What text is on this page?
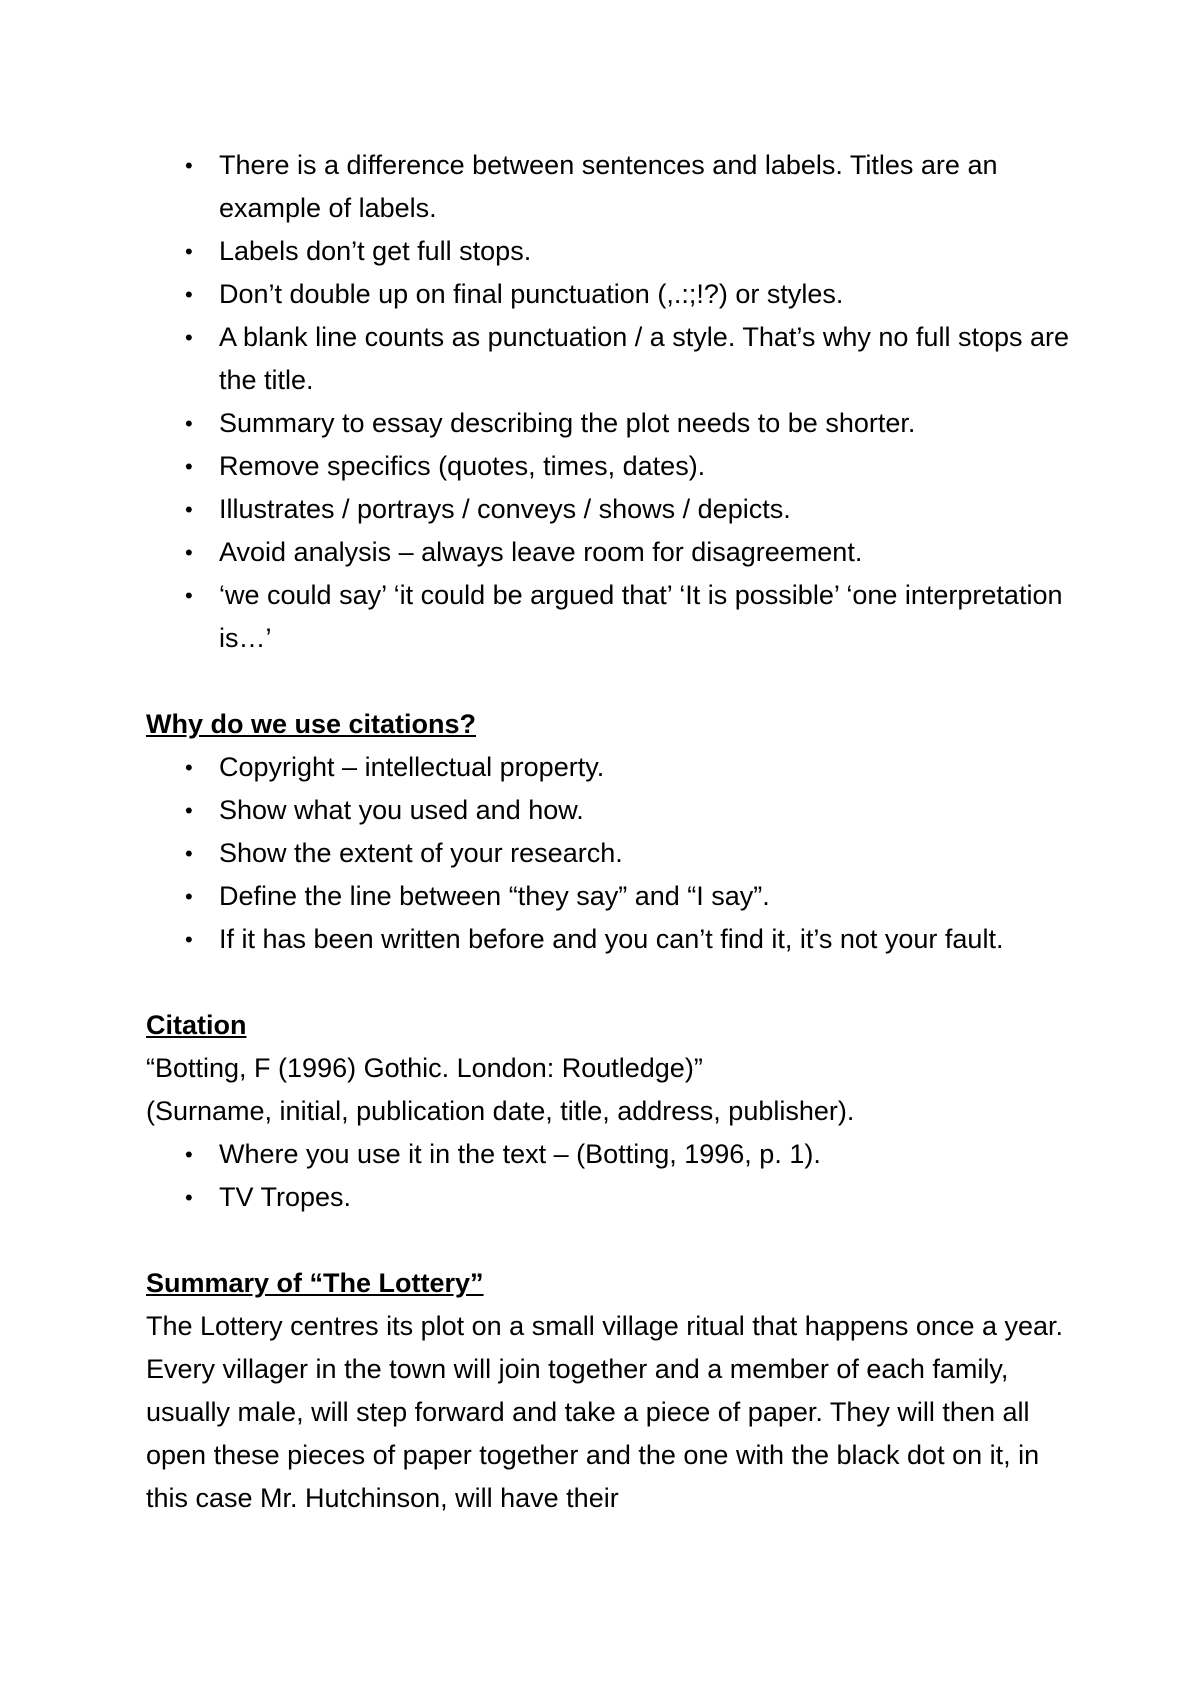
• There is a difference between sentences and labels. Titles are an example of labels.
• Labels don’t get full stops.
• Don’t double up on final punctuation (,.:;!?) or styles.
• A blank line counts as punctuation / a style. That’s why no full stops are the title.
• Summary to essay describing the plot needs to be shorter.
• Remove specifics (quotes, times, dates).
• Illustrates / portrays / conveys / shows / depicts.
• Avoid analysis – always leave room for disagreement.
• ‘we could say’ ‘it could be argued that’ ‘It is possible’ ‘one interpretation is…’

Why do we use citations?

• Copyright – intellectual property.
• Show what you used and how.
• Show the extent of your research.
• Define the line between “they say” and “I say”.
• If it has been written before and you can’t find it, it’s not your fault.

Citation

“Botting, F (1996) Gothic. London: Routledge)”

(Surname, initial, publication date, title, address, publisher).

• Where you use it in the text – (Botting, 1996, p. 1).
• TV Tropes.

Summary of “The Lottery”

The Lottery centres its plot on a small village ritual that happens once a year. Every villager in the town will join together and a member of each family, usually male, will step forward and take a piece of paper. They will then all open these pieces of paper together and the one with the black dot on it, in this case Mr. Hutchinson, will have their
